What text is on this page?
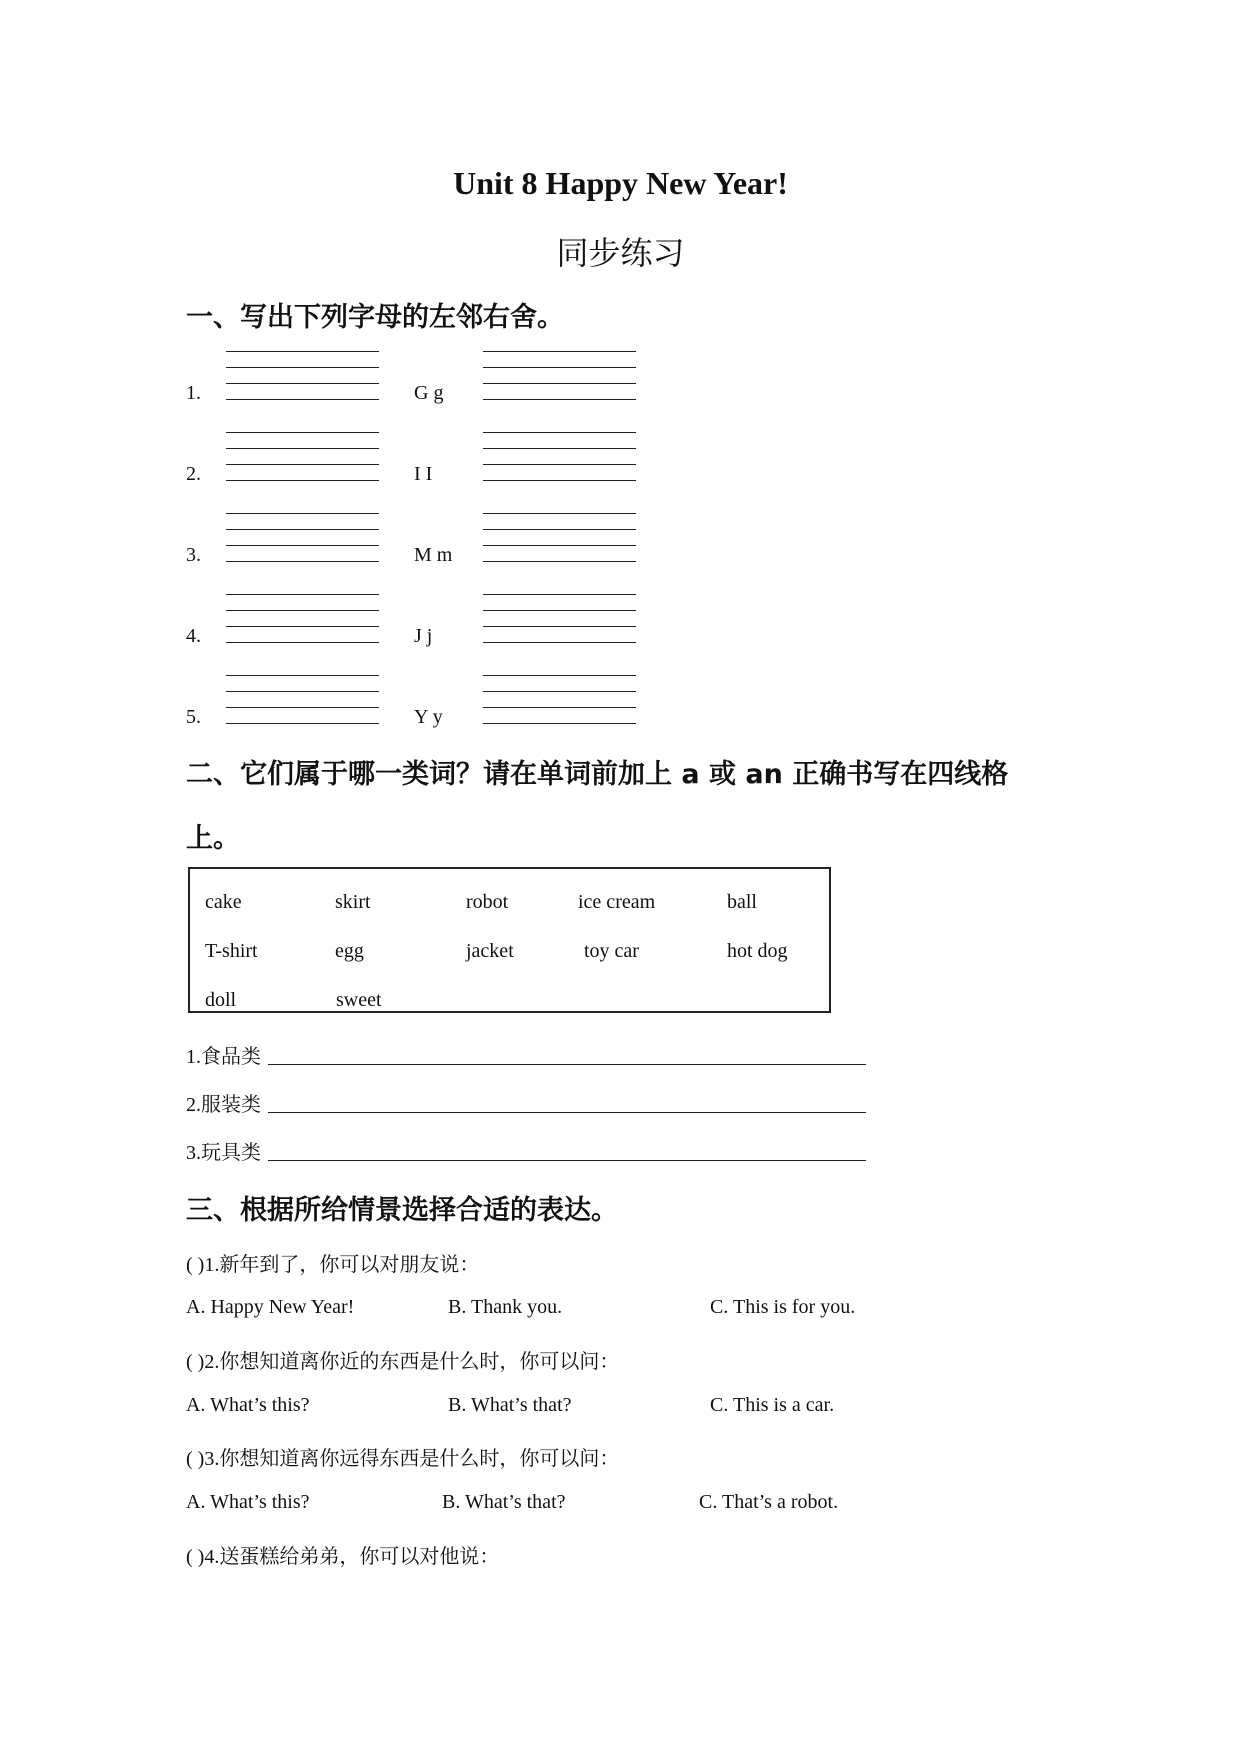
Unit 8 Happy New Year!
同步练习
一、写出下列字母的左邻右舍。
1.	G g
2.	I I
3.	M m
4.	J j
5.	Y y
二、它们属于哪一类词？请在单词前加上 a 或 an 正确书写在四线格
上。
cake	skirt	robot	ice cream	ball
T-shirt	egg	jacket	toy car	hot dog
doll	sweet
1.食品类
2.服装类
3.玩具类
三、根据所给情景选择合适的表达。
( )1.新年到了，你可以对朋友说：
A. Happy New Year!	B. Thank you.	C. This is for you.
( )2.你想知道离你近的东西是什么时，你可以问：
A. What’s this?	B. What’s that?	C. This is a car.
( )3.你想知道离你远得东西是什么时，你可以问：
A. What’s this?	B. What’s that?	C. That’s a robot.
( )4.送蛋糕给弟弟，你可以对他说：
